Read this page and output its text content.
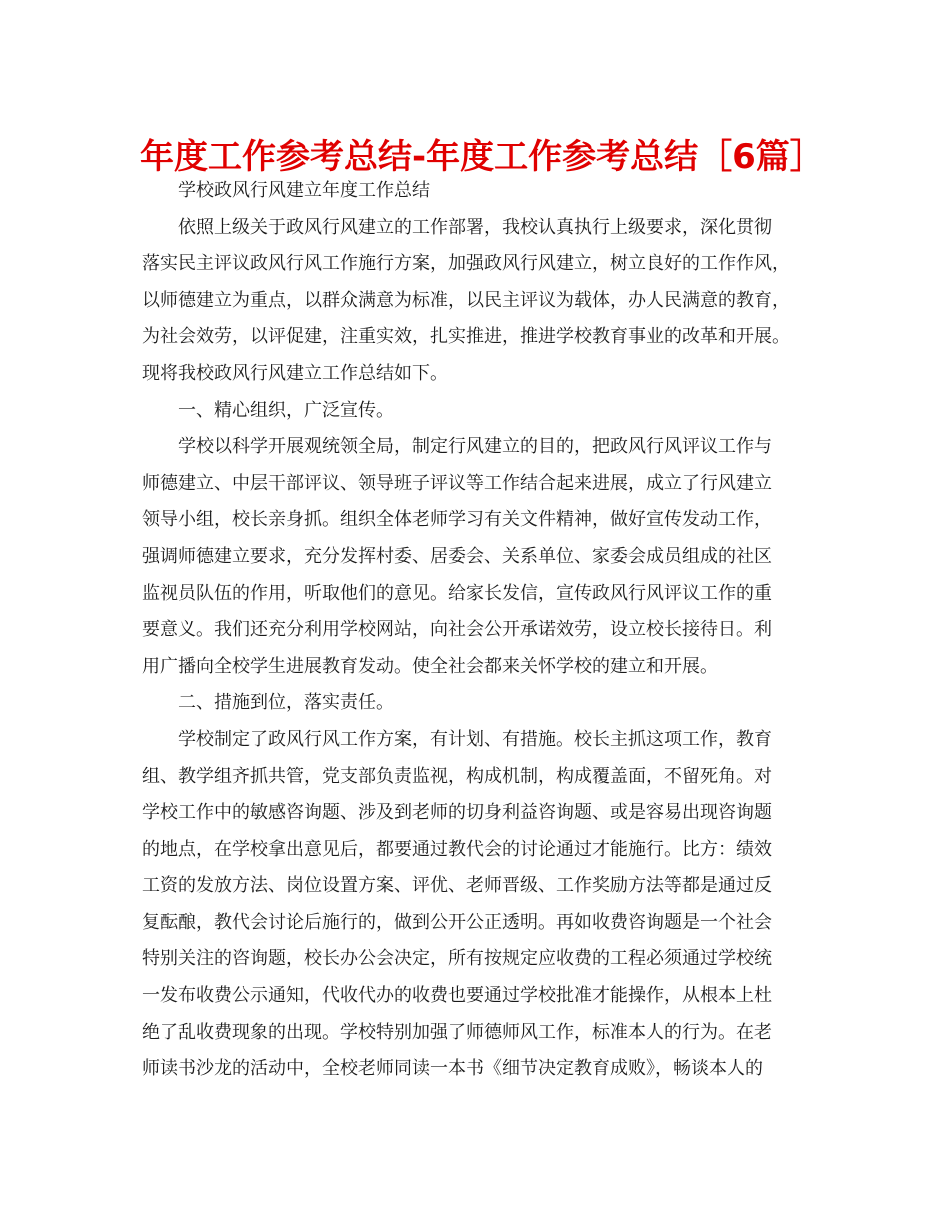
年度工作参考总结-年度工作参考总结［6篇］
学校政风行风建立年度工作总结
依照上级关于政风行风建立的工作部署，我校认真执行上级要求，深化贯彻
落实民主评议政风行风工作施行方案，加强政风行风建立，树立良好的工作作风，
以师德建立为重点，以群众满意为标准，以民主评议为载体，办人民满意的教育，
为社会效劳，以评促建，注重实效，扎实推进，推进学校教育事业的改革和开展。
现将我校政风行风建立工作总结如下。
一、精心组织，广泛宣传。
学校以科学开展观统领全局，制定行风建立的目的，把政风行风评议工作与
师德建立、中层干部评议、领导班子评议等工作结合起来进展，成立了行风建立
领导小组，校长亲身抓。组织全体老师学习有关文件精神，做好宣传发动工作，
强调师德建立要求，充分发挥村委、居委会、关系单位、家委会成员组成的社区
监视员队伍的作用，听取他们的意见。给家长发信，宣传政风行风评议工作的重
要意义。我们还充分利用学校网站，向社会公开承诺效劳，设立校长接待日。利
用广播向全校学生进展教育发动。使全社会都来关怀学校的建立和开展。
二、措施到位，落实责任。
学校制定了政风行风工作方案，有计划、有措施。校长主抓这项工作，教育
组、教学组齐抓共管，党支部负责监视，构成机制，构成覆盖面，不留死角。对
学校工作中的敏感咨询题、涉及到老师的切身利益咨询题、或是容易出现咨询题
的地点，在学校拿出意见后，都要通过教代会的讨论通过才能施行。比方：绩效
工资的发放方法、岗位设置方案、评优、老师晋级、工作奖励方法等都是通过反
复酝酿，教代会讨论后施行的，做到公开公正透明。再如收费咨询题是一个社会
特别关注的咨询题，校长办公会决定，所有按规定应收费的工程必须通过学校统
一发布收费公示通知，代收代办的收费也要通过学校批准才能操作，从根本上杜
绝了乱收费现象的出现。学校特别加强了师德师风工作，标准本人的行为。在老
师读书沙龙的活动中，全校老师同读一本书《细节决定教育成败》，畅谈本人的
